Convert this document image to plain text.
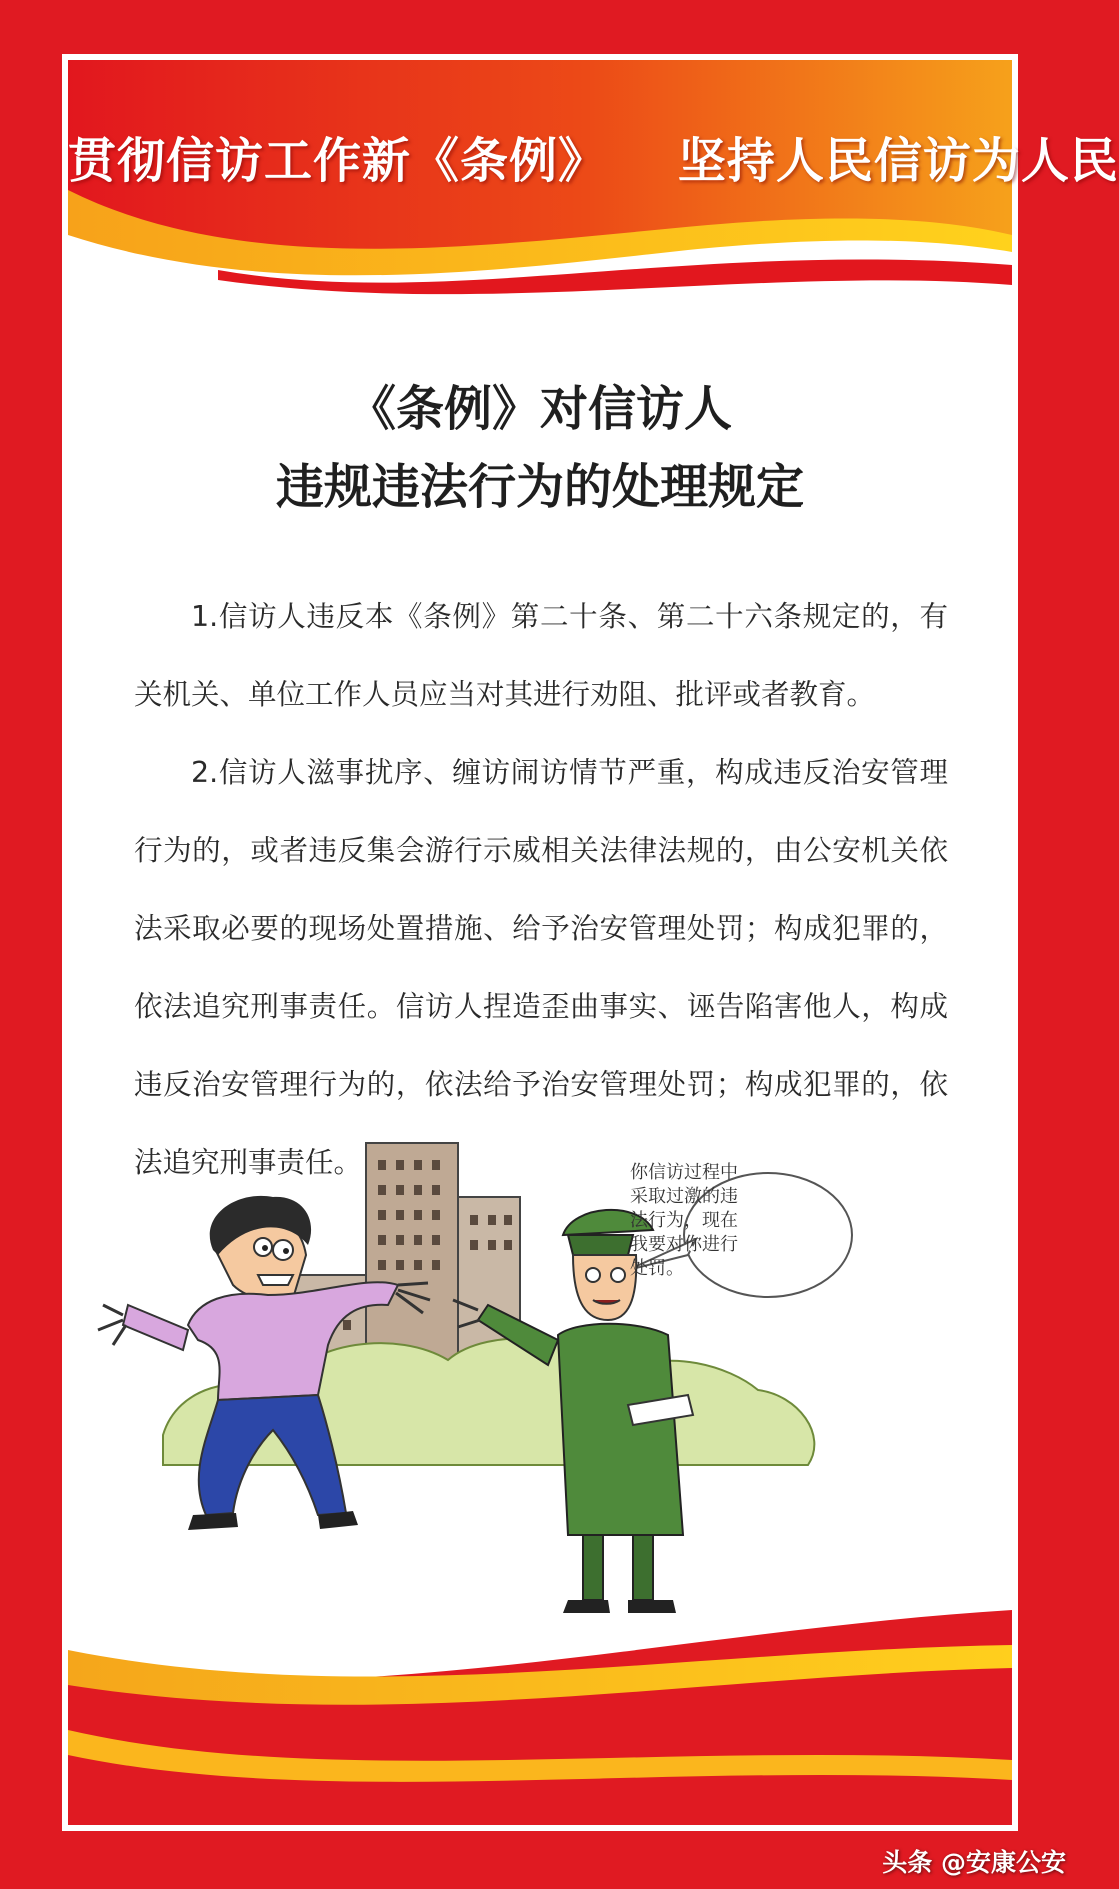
贯彻信访工作新《条例》    坚持人民信访为人民
《条例》对信访人
违规违法行为的处理规定

1.信访人违反本《条例》第二十条、第二十六条规定的，有关机关、单位工作人员应当对其进行劝阻、批评或者教育。

2.信访人滋事扰序、缠访闹访情节严重，构成违反治安管理行为的，或者违反集会游行示威相关法律法规的，由公安机关依法采取必要的现场处置措施、给予治安管理处罚；构成犯罪的，依法追究刑事责任。信访人捏造歪曲事实、诬告陷害他人，构成违反治安管理行为的，依法给予治安管理处罚；构成犯罪的，依法追究刑事责任。	你信访过程中
采取过激的违
法行为，现在
我要对你进行
处罚。
头条 @安康公安
